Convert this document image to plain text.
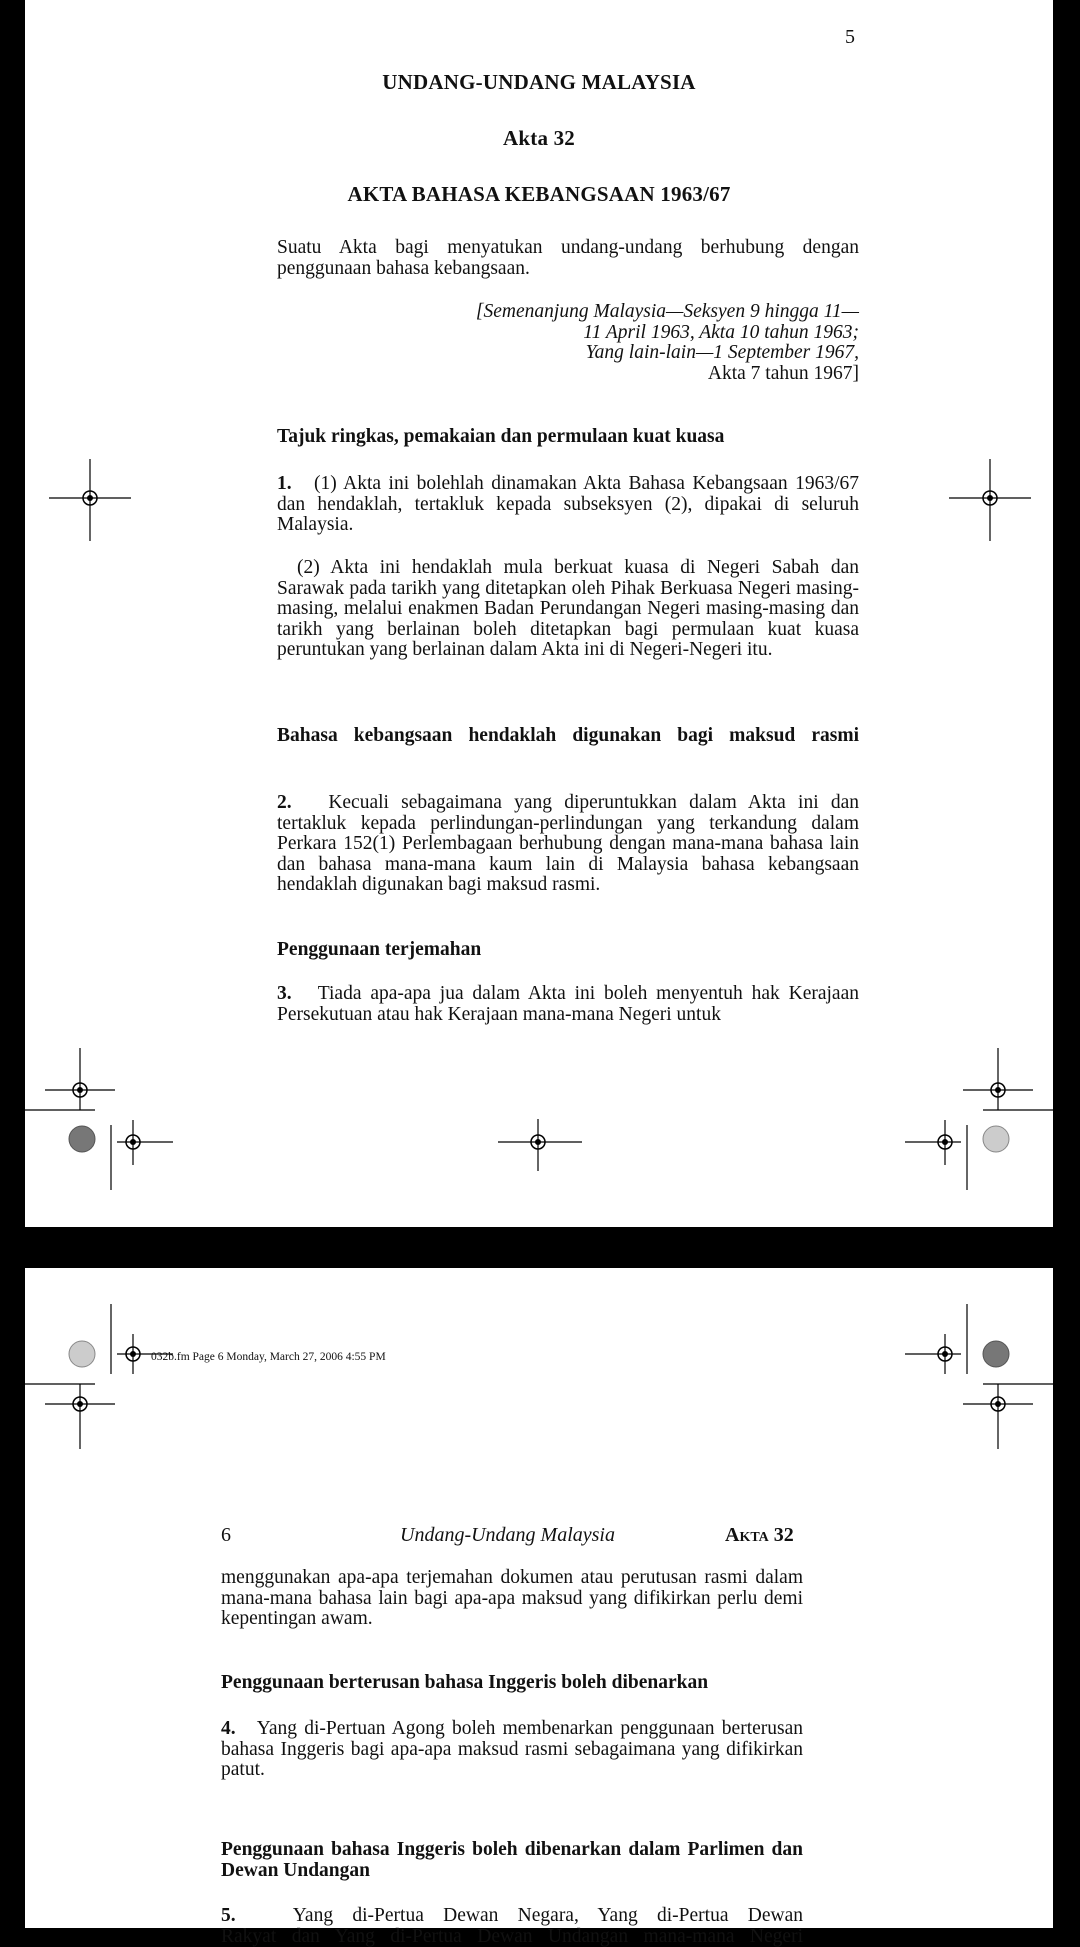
5
UNDANG-UNDANG MALAYSIA
Akta 32
AKTA BAHASA KEBANGSAAN 1963/67
Suatu Akta bagi menyatukan undang-undang berhubung dengan penggunaan bahasa kebangsaan.
[Semenanjung Malaysia—Seksyen 9 hingga 11—
11 April 1963, Akta 10 tahun 1963;
Yang lain-lain—1 September 1967,
Akta 7 tahun 1967]
Tajuk ringkas, pemakaian dan permulaan kuat kuasa
1. (1) Akta ini bolehlah dinamakan Akta Bahasa Kebangsaan 1963/67 dan hendaklah, tertakluk kepada subseksyen (2), dipakai di seluruh Malaysia.
(2) Akta ini hendaklah mula berkuat kuasa di Negeri Sabah dan Sarawak pada tarikh yang ditetapkan oleh Pihak Berkuasa Negeri masing-masing, melalui enakmen Badan Perundangan Negeri masing-masing dan tarikh yang berlainan boleh ditetapkan bagi permulaan kuat kuasa peruntukan yang berlainan dalam Akta ini di Negeri-Negeri itu.
Bahasa kebangsaan hendaklah digunakan bagi maksud rasmi
2. Kecuali sebagaimana yang diperuntukkan dalam Akta ini dan tertakluk kepada perlindungan-perlindungan yang terkandung dalam Perkara 152(1) Perlembagaan berhubung dengan mana-mana bahasa lain dan bahasa mana-mana kaum lain di Malaysia bahasa kebangsaan hendaklah digunakan bagi maksud rasmi.
Penggunaan terjemahan
3. Tiada apa-apa jua dalam Akta ini boleh menyentuh hak Kerajaan Persekutuan atau hak Kerajaan mana-mana Negeri untuk
032b.fm Page 6 Monday, March 27, 2006 4:55 PM
6	Undang-Undang Malaysia	Akta 32
menggunakan apa-apa terjemahan dokumen atau perutusan rasmi dalam mana-mana bahasa lain bagi apa-apa maksud yang difikirkan perlu demi kepentingan awam.
Penggunaan berterusan bahasa Inggeris boleh dibenarkan
4. Yang di-Pertuan Agong boleh membenarkan penggunaan berterusan bahasa Inggeris bagi apa-apa maksud rasmi sebagaimana yang difikirkan patut.
Penggunaan bahasa Inggeris boleh dibenarkan dalam Parlimen dan Dewan Undangan
5.	Yang di-Pertua Dewan Negara, Yang di-Pertua Dewan
Rakyat dan Yang di-Pertua Dewan Undangan mana-mana Negeri
